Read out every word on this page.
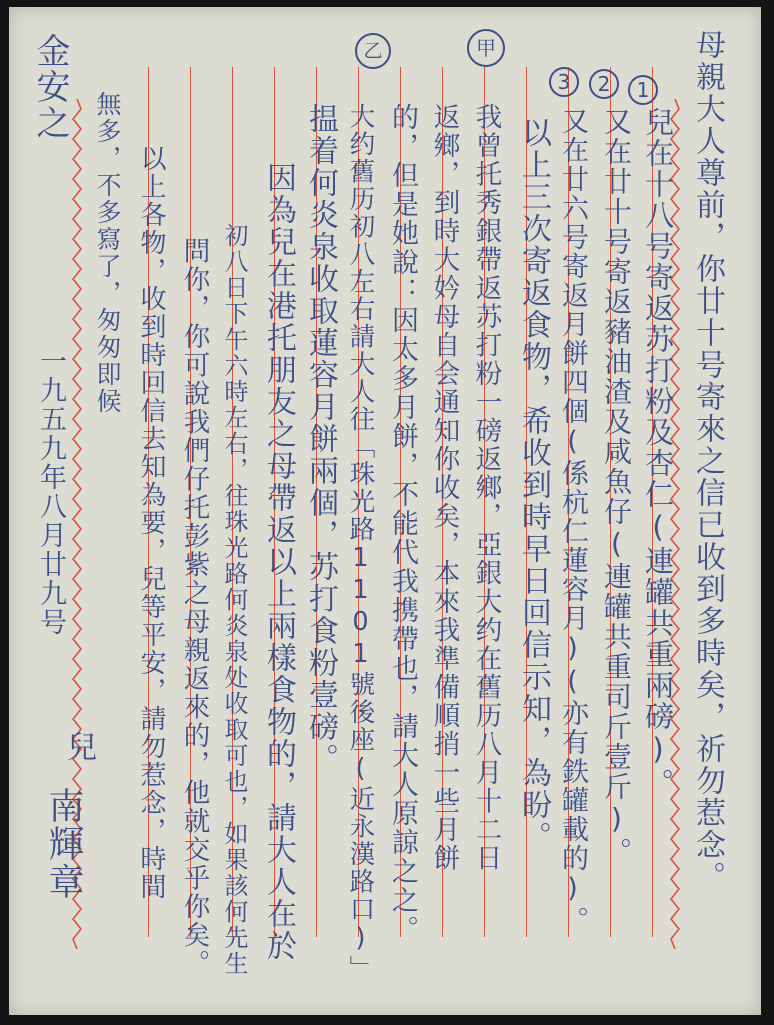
母親大人尊前，你廿十号寄來之信已收到多時矣，祈勿惹念。
1
兒在十八号寄返苏打粉及杏仁(連罐共重兩磅)。
2
又在廿十号寄返豬油渣及咸魚仔(連罐共重司斤壹斤)。
3
又在廿六号寄返月餅四個(係杭仁蓮容月)(亦有鉄罐載的)。
以上三次寄返食物，希收到時早日回信示知，為盼。
甲
我曾托秀銀帶返苏打粉一磅返鄉，亞銀大约在舊历八月十二日
返鄉，到時大妗母自会通知你收矣，本來我準備順捎一些月餅
的，但是她說：因太多月餅，不能代我携帶也，請大人原諒之之。
乙
大约舊历初八左右請大人往「珠光路1101號後座(近永漢路口)」
揾着何炎泉收取蓮容月餅兩個，苏打食粉壹磅。
因為兒在港托朋友之母帶返以上兩樣食物的，請大人在於
初八日下午六時左右，往珠光路何炎泉处收取可也，如果該何先生
問你，你可說我們仔托彭紫之母親返來的，他就交乎你矣。
以上各物，收到時回信去知為要，兒等平安，請勿惹念，時間
無多，不多寫了，匆匆即候
金安之
一九五九年八月廿九号
兒
南輝章
